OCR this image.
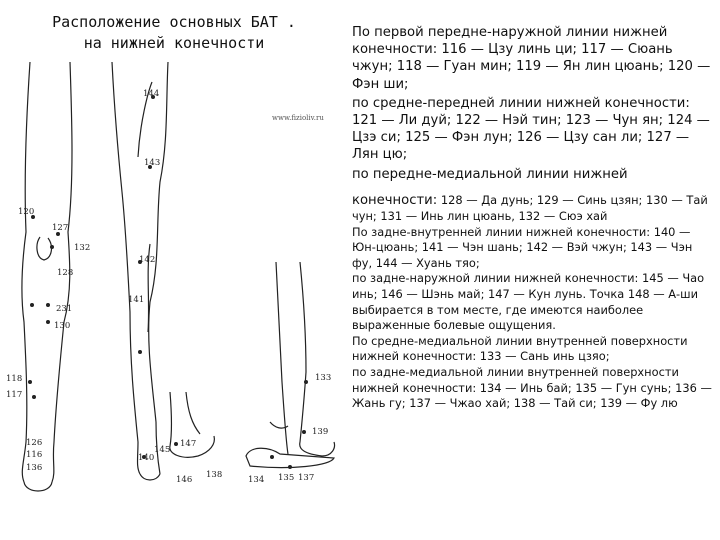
Расположение основных БАТ .
на нижней конечности
144
143
120
127
132
128
231
130
118
117
141
142
116
136
145
147
140
146 138
133
134
139
135 137
126
www.fizioliv.ru

По первой передне-наружной линии нижней конечности: 116 — Цзу линь ци; 117 — Сюань чжун; 118 — Гуан мин; 119 — Ян лин цюань; 120 — Фэн ши;

по средне-передней линии нижней конечности: 121 — Ли дуй; 122 — Нэй тин; 123 — Чун ян; 124 — Цзэ си; 125 — Фэн лун; 126 — Цзу сан ли; 127 — Лян цю;

по передне-медиальной линии нижней

конечности: 128 — Да дунь; 129 — Синь цзян; 130 — Тай чун; 131 — Инь лин цюань, 132 — Сюэ хай

По задне-внутренней линии нижней конечности: 140 — Юн-цюань; 141 — Чэн шань; 142 — Вэй чжун; 143 — Чэн фу, 144 — Хуань тяо;

по задне-наружной линии нижней конечности: 145 — Чао инь; 146 — Шэнь май; 147 — Кун лунь. Точка 148 — А-ши выбирается в том месте, где имеются наиболее выраженные болевые ощущения.

По средне-медиальной линии внутренней поверхности нижней конечности: 133 — Сань инь цзяо;

по задне-медиальной линии внутренней поверхности нижней конечности: 134 — Инь бай; 135 — Гун сунь; 136 — Жань гу; 137 — Чжао хай; 138 — Тай си; 139 — Фу лю
